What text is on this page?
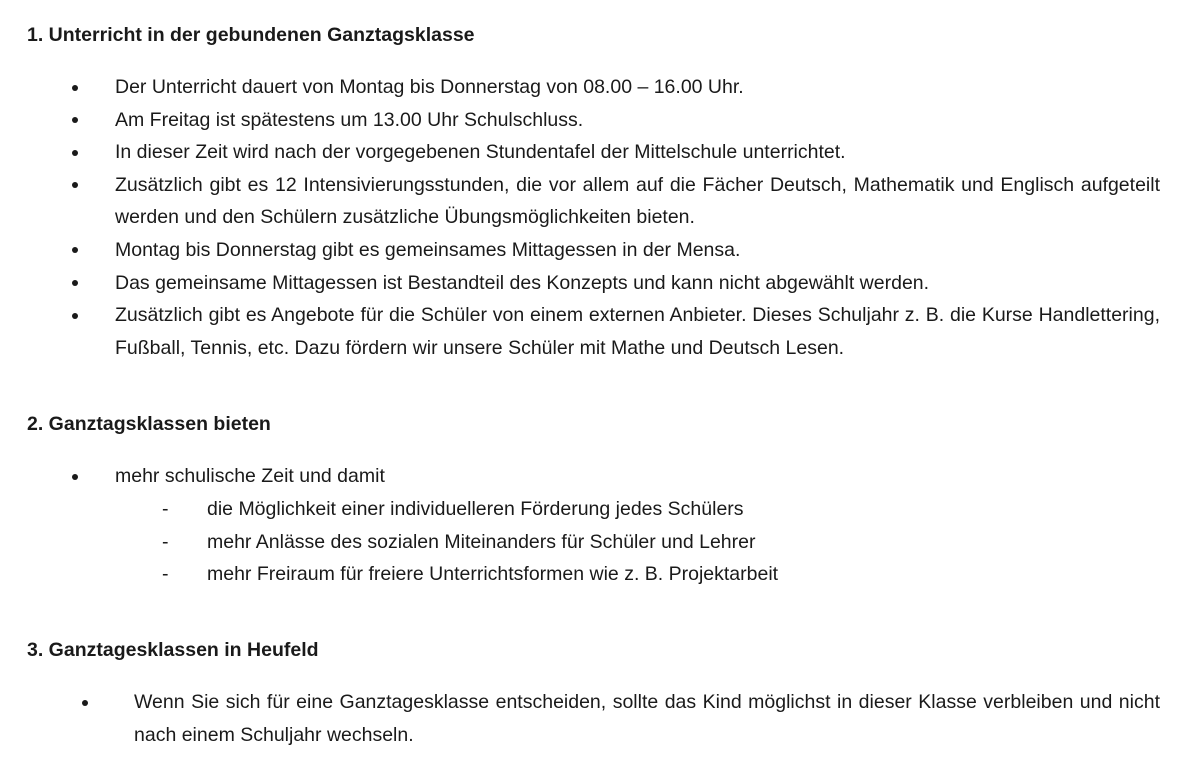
1. Unterricht in der gebundenen Ganztagsklasse
Der Unterricht dauert von Montag bis Donnerstag von 08.00 – 16.00 Uhr.
Am Freitag ist spätestens um 13.00 Uhr Schulschluss.
In dieser Zeit wird nach der vorgegebenen Stundentafel der Mittelschule unterrichtet.
Zusätzlich gibt es 12 Intensivierungsstunden, die vor allem auf die Fächer Deutsch, Mathematik und Englisch aufgeteilt werden und den Schülern zusätzliche Übungsmöglichkeiten bieten.
Montag bis Donnerstag gibt es gemeinsames Mittagessen in der Mensa.
Das gemeinsame Mittagessen ist Bestandteil des Konzepts und kann nicht abgewählt werden.
Zusätzlich gibt es Angebote für die Schüler von einem externen Anbieter. Dieses Schuljahr z. B. die Kurse Handlettering, Fußball, Tennis, etc. Dazu fördern wir unsere Schüler mit Mathe und Deutsch Lesen.
2. Ganztagsklassen bieten
mehr schulische Zeit und damit
- die Möglichkeit einer individuelleren Förderung jedes Schülers
- mehr Anlässe des sozialen Miteinanders für Schüler und Lehrer
- mehr Freiraum für freiere Unterrichtsformen wie z. B. Projektarbeit
3. Ganztagesklassen in Heufeld
Wenn Sie sich für eine Ganztagesklasse entscheiden, sollte das Kind möglichst in dieser Klasse verbleiben und nicht nach einem Schuljahr wechseln.
